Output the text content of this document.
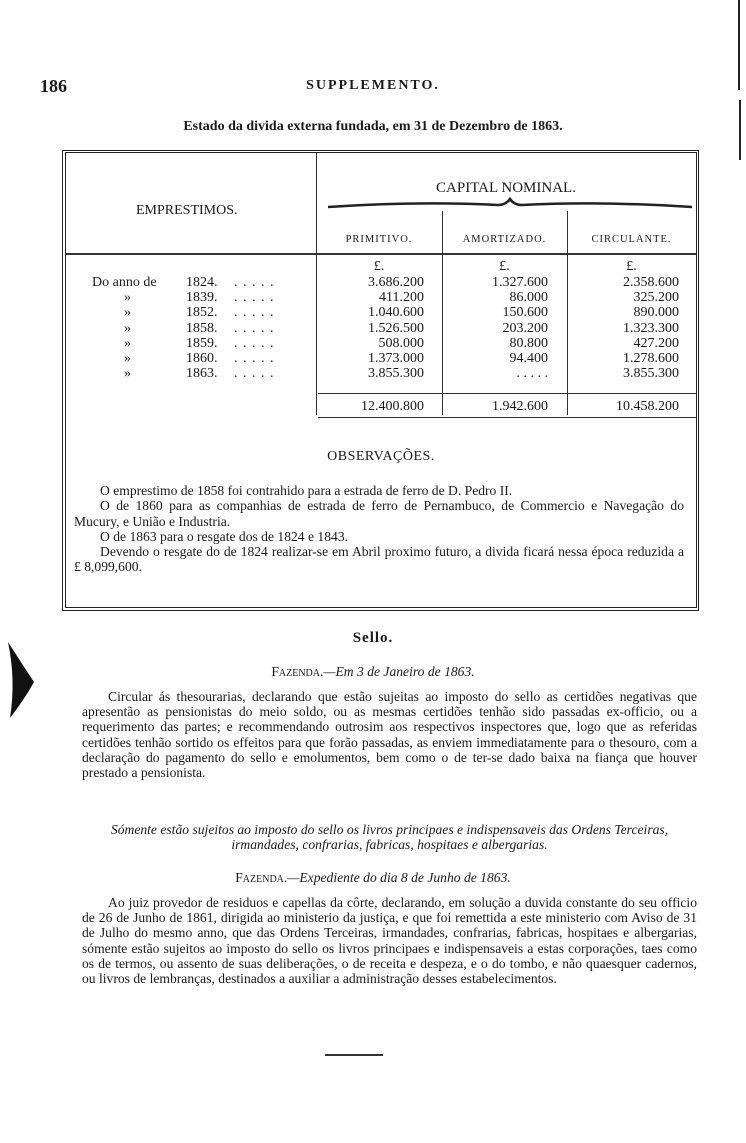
186	SUPPLEMENTO.
Estado da divida externa fundada, em 31 de Dezembro de 1863.
EMPRESTIMOS.
CAPITAL NOMINAL.
PRIMITIVO.	AMORTIZADO.	CIRCULANTE.
£.	£.	£.
Do anno de 1824. . . . . .	3.686.200	1.327.600	2.358.600
»	1839. . . . . .	411.200	86.000	325.200
»	1852. . . . . .	1.040.600	150.600	890.000
»	1858. . . . . .	1.526.500	203.200	1.323.300
»	1859. . . . . .	508.000	80.800	427.200
»	1860. . . . . .	1.373.000	94.400	1.278.600
»	1863. . . . . .	3.855.300	. . . . .	3.855.300
12.400.800	1.942.600	10.458.200
OBSERVAÇÕES.

O emprestimo de 1858 foi contrahido para a estrada de ferro de D. Pedro II.

O de 1860 para as companhias de estrada de ferro de Pernambuco, de Commercio e Navegação do Mucury, e União e Industria.

O de 1863 para o resgate dos de 1824 e 1843.

Devendo o resgate do de 1824 realizar-se em Abril proximo futuro, a divida ficará nessa época reduzida a £ 8,099,600.

Sello.
Fazenda.—Em 3 de Janeiro de 1863.

Circular ás thesourarias, declarando que estão sujeitas ao imposto do sello as certidões negativas que apresentão as pensionistas do meio soldo, ou as mesmas certidões tenhão sido passadas ex-officio, ou a requerimento das partes; e recommendando outrosim aos respectivos inspectores que, logo que as referidas certidões tenhão sortido os effeitos para que forão passadas, as enviem immediatamente para o thesouro, com a declaração do pagamento do sello e emolumentos, bem como o de ter-se dado baixa na fiança que houver prestado a pensionista.

Sómente estão sujeitos ao imposto do sello os livros principaes e indispensaveis das Ordens Terceiras, irmandades, confrarias, fabricas, hospitaes e albergarias.
Fazenda.—Expediente do dia 8 de Junho de 1863.

Ao juiz provedor de residuos e capellas da côrte, declarando, em solução a duvida constante do seu officio de 26 de Junho de 1861, dirigida ao ministerio da justiça, e que foi remettida a este ministerio com Aviso de 31 de Julho do mesmo anno, que das Ordens Terceiras, irmandades, confrarias, fabricas, hospitaes e albergarias, sómente estão sujeitos ao imposto do sello os livros principaes e indispensaveis a estas corporações, taes como os de termos, ou assento de suas deliberações, o de receita e despeza, e o do tombo, e não quaesquer cadernos, ou livros de lembranças, destinados a auxiliar a administração desses estabelecimentos.
